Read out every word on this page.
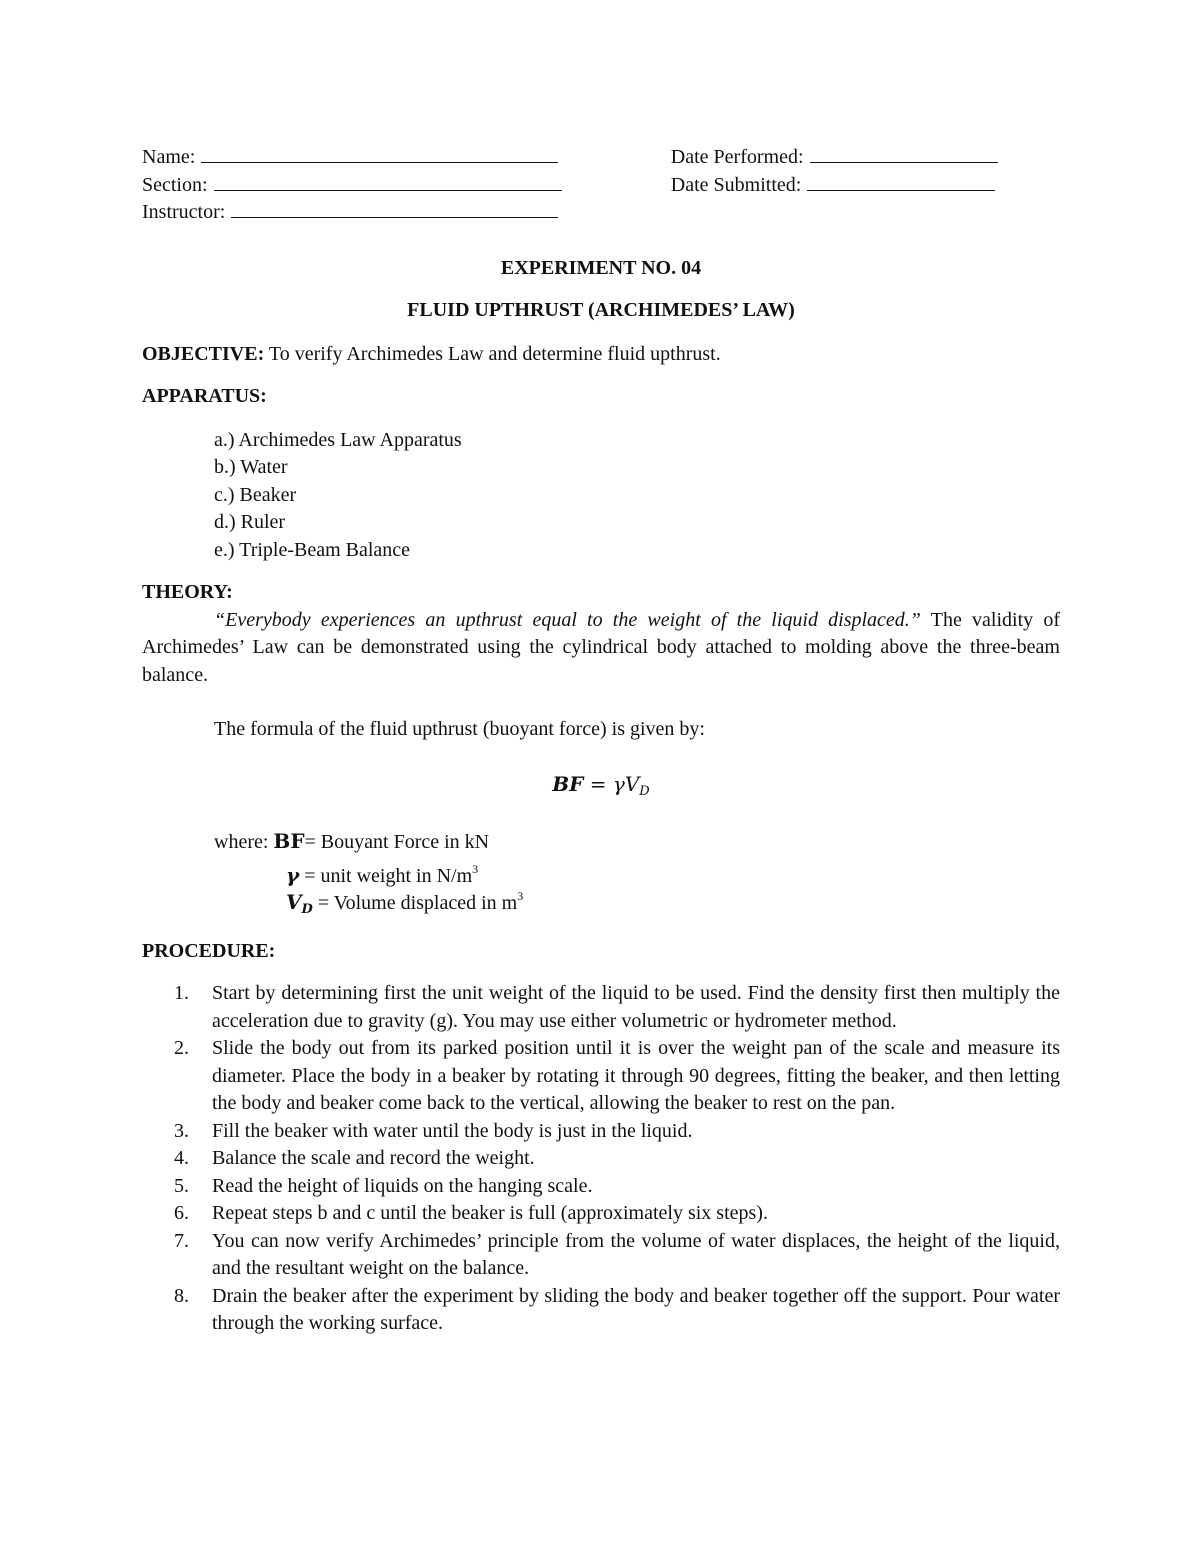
Name:
Section:
Instructor:
Date Performed:
Date Submitted:
EXPERIMENT NO. 04
FLUID UPTHRUST (ARCHIMEDES’ LAW)
OBJECTIVE: To verify Archimedes Law and determine fluid upthrust.
APPARATUS:
a.) Archimedes Law Apparatus
b.) Water
c.) Beaker
d.) Ruler
e.) Triple-Beam Balance
THEORY:
“Everybody experiences an upthrust equal to the weight of the liquid displaced.” The validity of Archimedes’ Law can be demonstrated using the cylindrical body attached to molding above the three-beam balance.
The formula of the fluid upthrust (buoyant force) is given by:
BF = $\gamma V_D$
where: BF= Bouyant Force in kN
γ = unit weight in $N/m^3$
$V_D$ = Volume displaced in $m^3$
PROCEDURE:
1. Start by determining first the unit weight of the liquid to be used. Find the density first then multiply the acceleration due to gravity (g). You may use either volumetric or hydrometer method.
2. Slide the body out from its parked position until it is over the weight pan of the scale and measure its diameter. Place the body in a beaker by rotating it through 90 degrees, fitting the beaker, and then letting the body and beaker come back to the vertical, allowing the beaker to rest on the pan.
3. Fill the beaker with water until the body is just in the liquid.
4. Balance the scale and record the weight.
5. Read the height of liquids on the hanging scale.
6. Repeat steps b and c until the beaker is full (approximately six steps).
7. You can now verify Archimedes’ principle from the volume of water displaces, the height of the liquid, and the resultant weight on the balance.
8. Drain the beaker after the experiment by sliding the body and beaker together off the support. Pour water through the working surface.
